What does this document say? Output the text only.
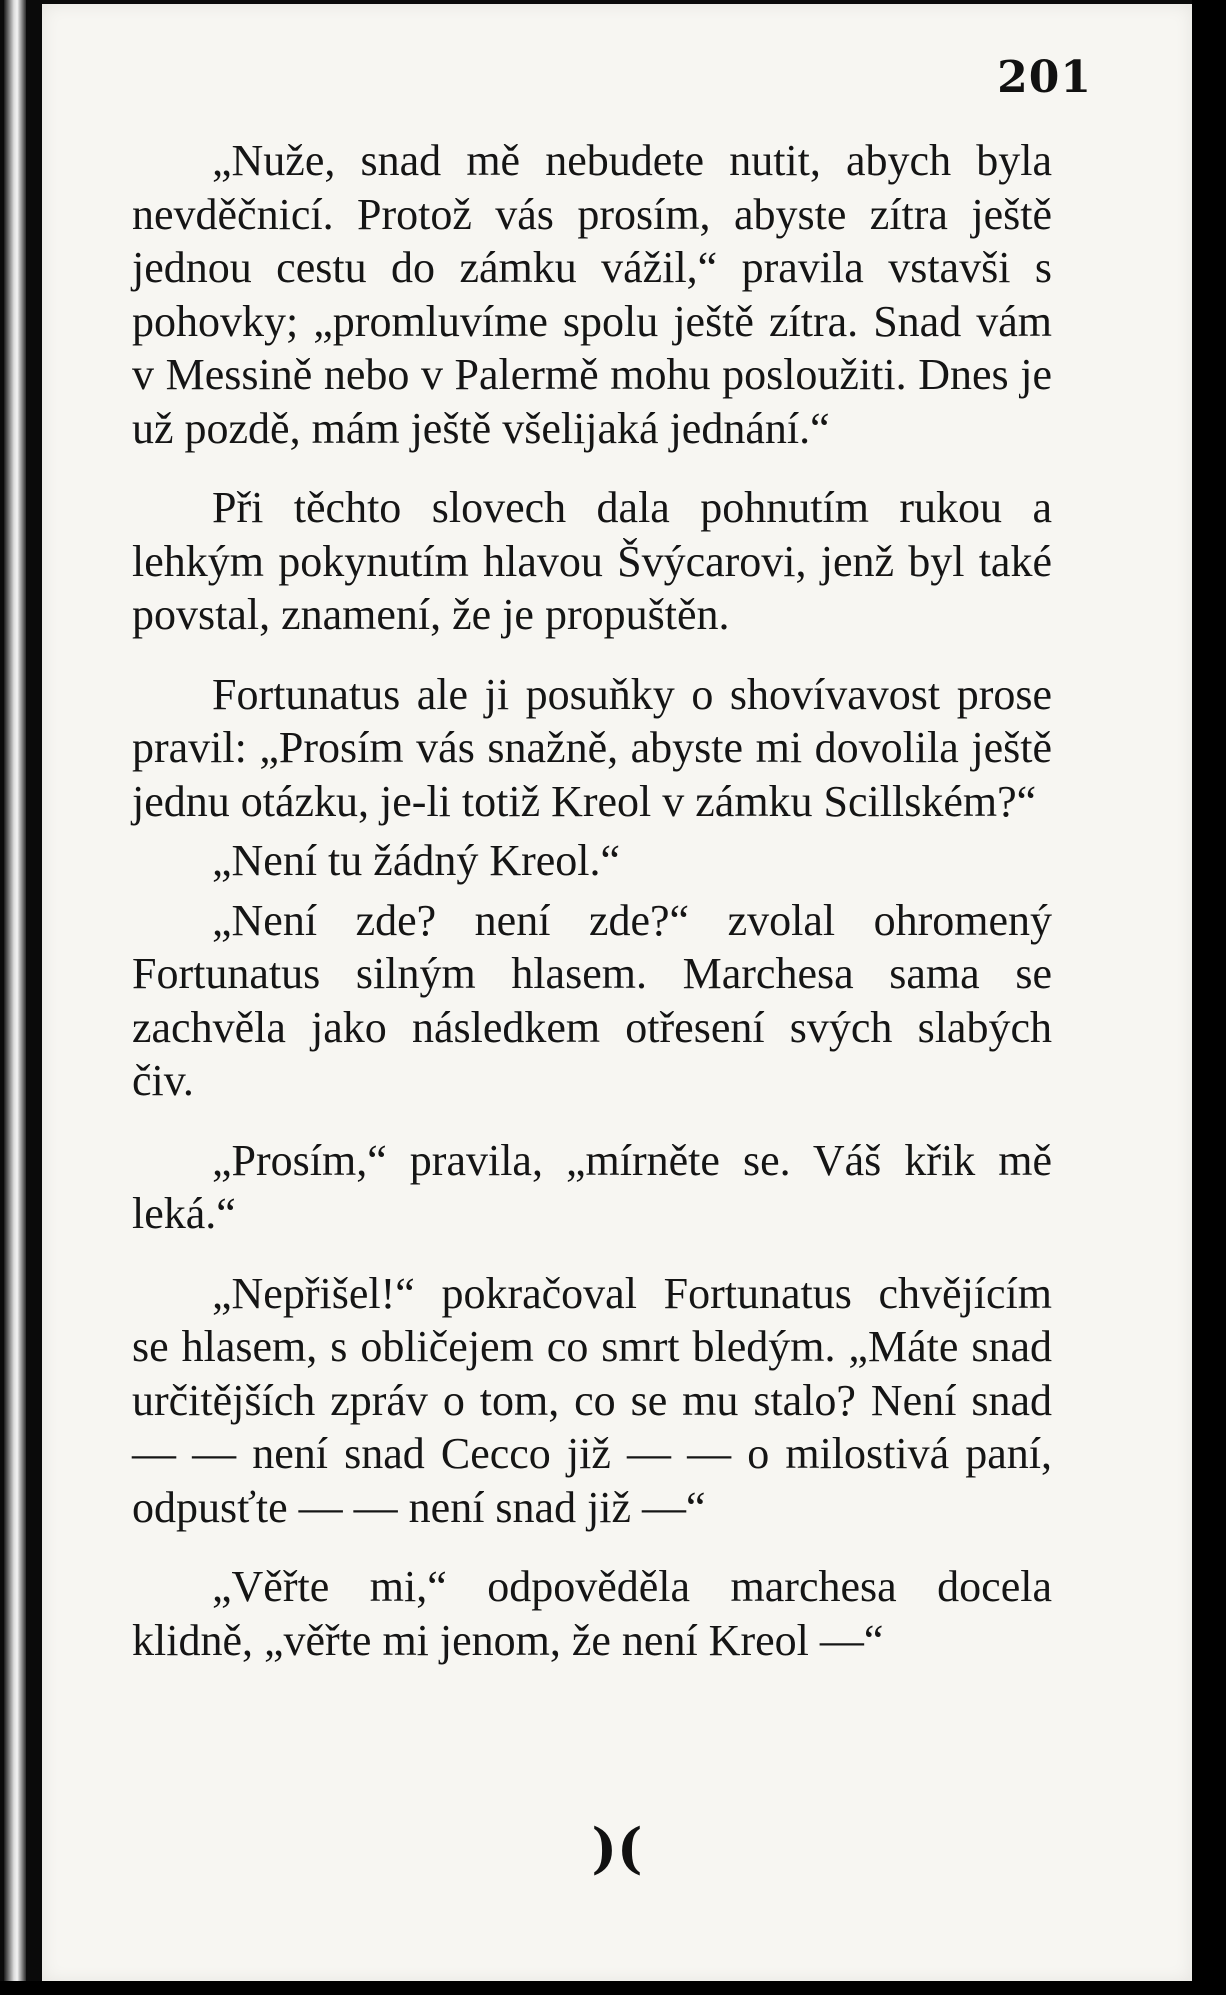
201

„Nuže, snad mě nebudete nutit, abych byla nevděčnicí. Protož vás prosím, abyste zítra ještě jednou cestu do zámku vážil,“ pravila vstavši s pohovky; „promluvíme spolu ještě zítra. Snad vám v Messině nebo v Palermě mohu posloužiti. Dnes je už pozdě, mám ještě všelijaká jednání.“

Při těchto slovech dala pohnutím rukou a lehkým pokynutím hlavou Švýcarovi, jenž byl také povstal, znamení, že je propuštěn.

Fortunatus ale ji posuňky o shovívavost prose pravil: „Prosím vás snažně, abyste mi dovolila ještě jednu otázku, je-li totiž Kreol v zámku Scillském?“

„Není tu žádný Kreol.“

„Není zde? není zde?“ zvolal ohromený Fortunatus silným hlasem. Marchesa sama se zachvěla jako následkem otřesení svých slabých čiv.

„Prosím,“ pravila, „mírněte se. Váš křik mě leká.“

„Nepřišel!“ pokračoval Fortunatus chvějícím se hlasem, s obličejem co smrt bledým. „Máte snad určitějších zpráv o tom, co se mu stalo? Není snad — — není snad Cecco již — — o milostivá paní, odpusťte — — není snad již —“

„Věřte mi,“ odpověděla marchesa docela klidně, „věřte mi jenom, že není Kreol —“

)(
